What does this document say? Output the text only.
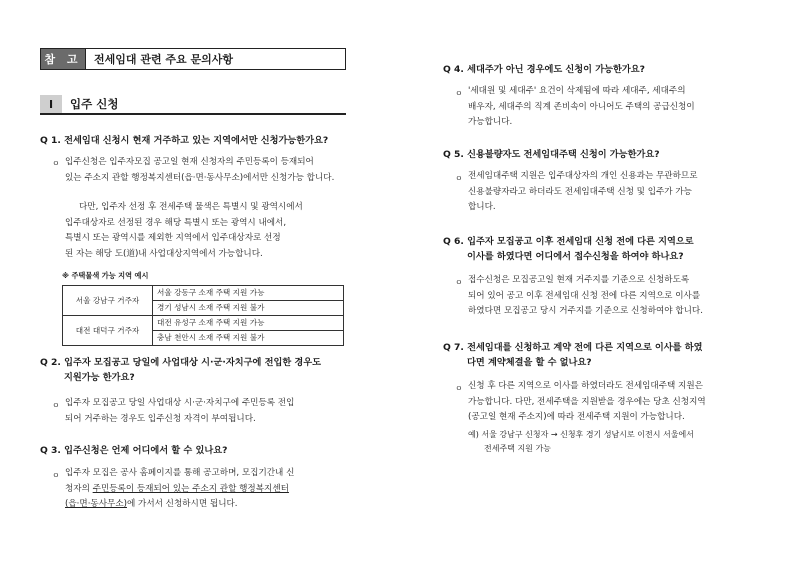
참 고	전세임대 관련 주요 문의사항
Ⅰ	입주 신청
Q 1. 전세임대 신청시 현재 거주하고 있는 지역에서만 신청가능한가요?
ㅇ 입주신청은 입주자모집 공고일 현재 신청자의 주민등록이 등재되어
있는 주소지 관할 행정복지센터(읍·면·동사무소)에서만 신청가능 합니다.
다만, 입주자 선정 후 전세주택 물색은 특별시 및 광역시에서
입주대상자로 선정된 경우 해당 특별시 또는 광역시 내에서,
특별시 또는 광역시를 제외한 지역에서 입주대상자로 선정
된 자는 해당 도(道)내 사업대상지역에서 가능합니다.
※ 주택물색 가능 지역 예시
서울 강남구 거주자	서울 강동구 소재 주택 지원 가능
	경기 성남시 소재 주택 지원 불가
대전 대덕구 거주자	대전 유성구 소재 주택 지원 가능
	충남 천안시 소재 주택 지원 불가
Q 2. 입주자 모집공고 당일에 사업대상 시·군·자치구에 전입한 경우도
지원가능 한가요?
ㅇ 입주자 모집공고 당일 사업대상 시·군·자치구에 주민등록 전입
되어 거주하는 경우도 입주신청 자격이 부여됩니다.
Q 3. 입주신청은 언제 어디에서 할 수 있나요?
ㅇ 입주자 모집은 공사 홈페이지를 통해 공고하며, 모집기간내 신
청자의 주민등록이 등재되어 있는 주소지 관할 행정복지센터
(읍·면·동사무소)에 가서서 신청하시면 됩니다.
Q 4. 세대주가 아닌 경우에도 신청이 가능한가요?
ㅇ '세대원 및 세대주' 요건이 삭제됨에 따라 세대주, 세대주의
배우자, 세대주의 직계 존비속이 아니어도 주택의 공급신청이
가능합니다.
Q 5. 신용불량자도 전세임대주택 신청이 가능한가요?
ㅇ 전세임대주택 지원은 입주대상자의 개인 신용과는 무관하므로
신용불량자라고 하더라도 전세임대주택 신청 및 입주가 가능
합니다.
Q 6. 입주자 모집공고 이후 전세임대 신청 전에 다른 지역으로
이사를 하였다면 어디에서 접수신청을 하여야 하나요?
ㅇ 접수신청은 모집공고일 현재 거주지를 기준으로 신청하도록
되어 있어 공고 이후 전세임대 신청 전에 다른 지역으로 이사를
하였다면 모집공고 당시 거주지를 기준으로 신청하여야 합니다.
Q 7. 전세임대를 신청하고 계약 전에 다른 지역으로 이사를 하였
다면 계약체결을 할 수 없나요?
ㅇ 신청 후 다른 지역으로 이사를 하였더라도 전세임대주택 지원은
가능합니다. 다만, 전세주택을 지원받을 경우에는 당초 신청지역
(공고일 현재 주소지)에 따라 전세주택 지원이 가능합니다.
예) 서울 강남구 신청자 → 신청후 경기 성남시로 이전시 서울에서
전세주택 지원 가능
